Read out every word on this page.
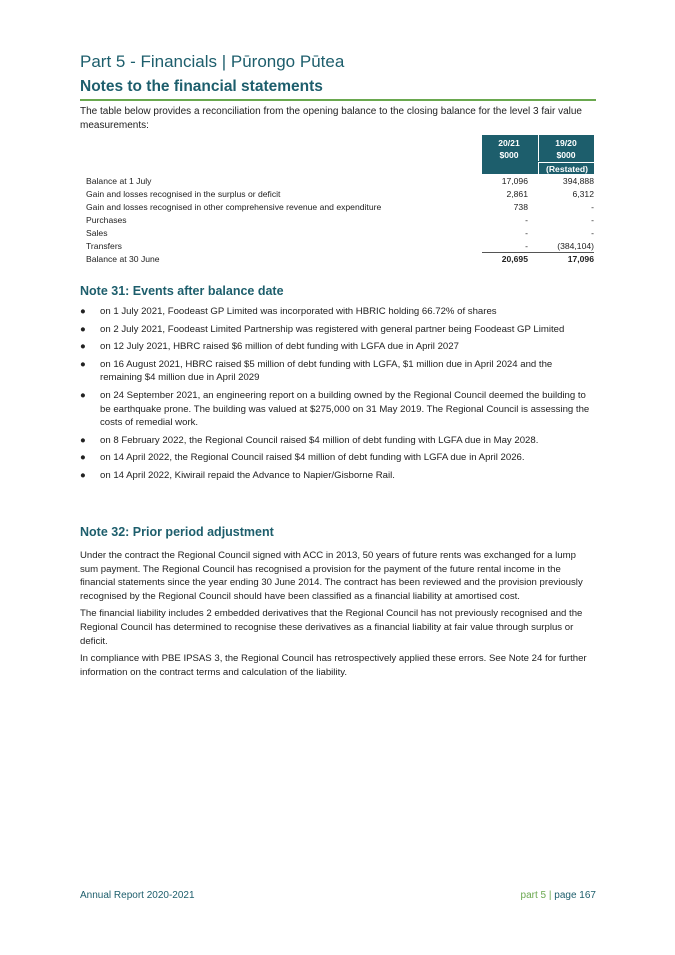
Part 5 - Financials | Pūrongo Pūtea
Notes to the financial statements
The table below provides a reconciliation from the opening balance to the closing balance for the level 3 fair value measurements:
20/21
$000
19/20
$000
(Restated)
Balance at 1 July	17,096	394,888
Gain and losses recognised in the surplus or deficit	2,861	6,312
Gain and losses recognised in other comprehensive revenue and expenditure	738	-
Purchases	-	-
Sales	-	-
Transfers	-	(384,104)
Balance at 30 June	20,695	17,096
Note 31: Events after balance date
● on 1 July 2021, Foodeast GP Limited was incorporated with HBRIC holding 66.72% of shares
● on 2 July 2021, Foodeast Limited Partnership was registered with general partner being Foodeast GP Limited
● on 12 July 2021, HBRC raised $6 million of debt funding with LGFA due in April 2027
● on 16 August 2021, HBRC raised $5 million of debt funding with LGFA, $1 million due in April 2024 and the remaining $4 million due in April 2029
● on 24 September 2021, an engineering report on a building owned by the Regional Council deemed the building to be earthquake prone. The building was valued at $275,000 on 31 May 2019. The Regional Council is assessing the costs of remedial work.
● on 8 February 2022, the Regional Council raised $4 million of debt funding with LGFA due in May 2028.
● on 14 April 2022, the Regional Council raised $4 million of debt funding with LGFA due in April 2026.
● on 14 April 2022, Kiwirail repaid the Advance to Napier/Gisborne Rail.
Note 32: Prior period adjustment

Under the contract the Regional Council signed with ACC in 2013, 50 years of future rents was exchanged for a lump sum payment. The Regional Council has recognised a provision for the payment of the future rental income in the financial statements since the year ending 30 June 2014. The contract has been reviewed and the provision previously recognised by the Regional Council should have been classified as a financial liability at amortised cost.

The financial liability includes 2 embedded derivatives that the Regional Council has not previously recognised and the Regional Council has determined to recognise these derivatives as a financial liability at fair value through surplus or deficit.

In compliance with PBE IPSAS 3, the Regional Council has retrospectively applied these errors. See Note 24 for further information on the contract terms and calculation of the liability.

Annual Report 2020-2021	part 5 | page 167
